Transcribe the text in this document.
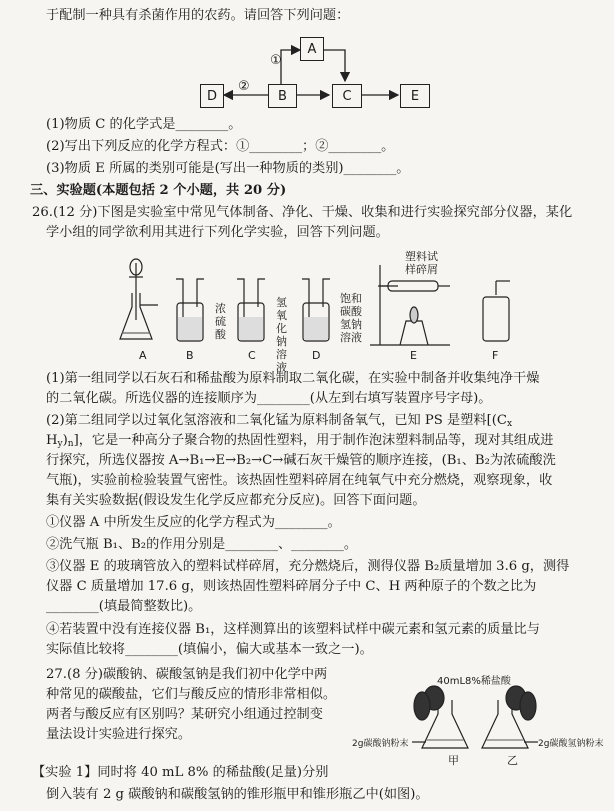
于配制一种具有杀菌作用的农药。请回答下列问题：
A
D	B	C	E
①
②
(1)物质 C 的化学式是________。
(2)写出下列反应的化学方程式：①________；②________。
(3)物质 E 所属的类别可能是(写出一种物质的类别)________。
三、实验题(本题包括 2 个小题，共 20 分)
26.(12 分)下图是实验室中常见气体制备、净化、干燥、收集和进行实验探究部分仪器，某化
学小组的同学欲利用其进行下列化学实验，回答下列问题。
浓硫酸
氢氧化钠溶液
饱和碳酸氢钠溶液
塑料试
样碎屑
A	B	C	D	E	F
(1)第一组同学以石灰石和稀盐酸为原料制取二氧化碳，在实验中制备并收集纯净干燥
的二氧化碳。所选仪器的连接顺序为________(从左到右填写装置序号字母)。
(2)第二组同学以过氧化氢溶液和二氧化锰为原料制备氧气，已知 PS 是塑料[($C_x$
$H_y)_n$]，它是一种高分子聚合物的热固性塑料，用于制作泡沫塑料制品等，现对其组成进
行探究，所选仪器按 A→B₁→E→B₂→C→碱石灰干燥管的顺序连接，(B₁、B₂为浓硫酸洗
气瓶)，实验前检验装置气密性。该热固性塑料碎屑在纯氧气中充分燃烧，观察现象，收
集有关实验数据(假设发生化学反应都充分反应)。回答下面问题。
①仪器 A 中所发生反应的化学方程式为________。
②洗气瓶 B₁、B₂的作用分别是________、________。
③仪器 E 的玻璃管放入的塑料试样碎屑，充分燃烧后，测得仪器 B₂质量增加 3.6 g，测得
仪器 C 质量增加 17.6 g，则该热固性塑料碎屑分子中 C、H 两种原子的个数之比为
________(填最简整数比)。
④若装置中没有连接仪器 B₁，这样测算出的该塑料试样中碳元素和氢元素的质量比与
实际值比较将________(填偏小，偏大或基本一致之一)。
27.(8 分)碳酸钠、碳酸氢钠是我们初中化学中两
种常见的碳酸盐，它们与酸反应的情形非常相似。
两者与酸反应有区别吗？某研究小组通过控制变
量法设计实验进行探究。
【实验 1】同时将 40 mL 8% 的稀盐酸(足量)分别
倒入装有 2 g 碳酸钠和碳酸氢钠的锥形瓶甲和锥形瓶乙中(如图)。
40mL8%稀盐酸
2g碳酸钠粉末	2g碳酸氢钠粉末
甲	乙
